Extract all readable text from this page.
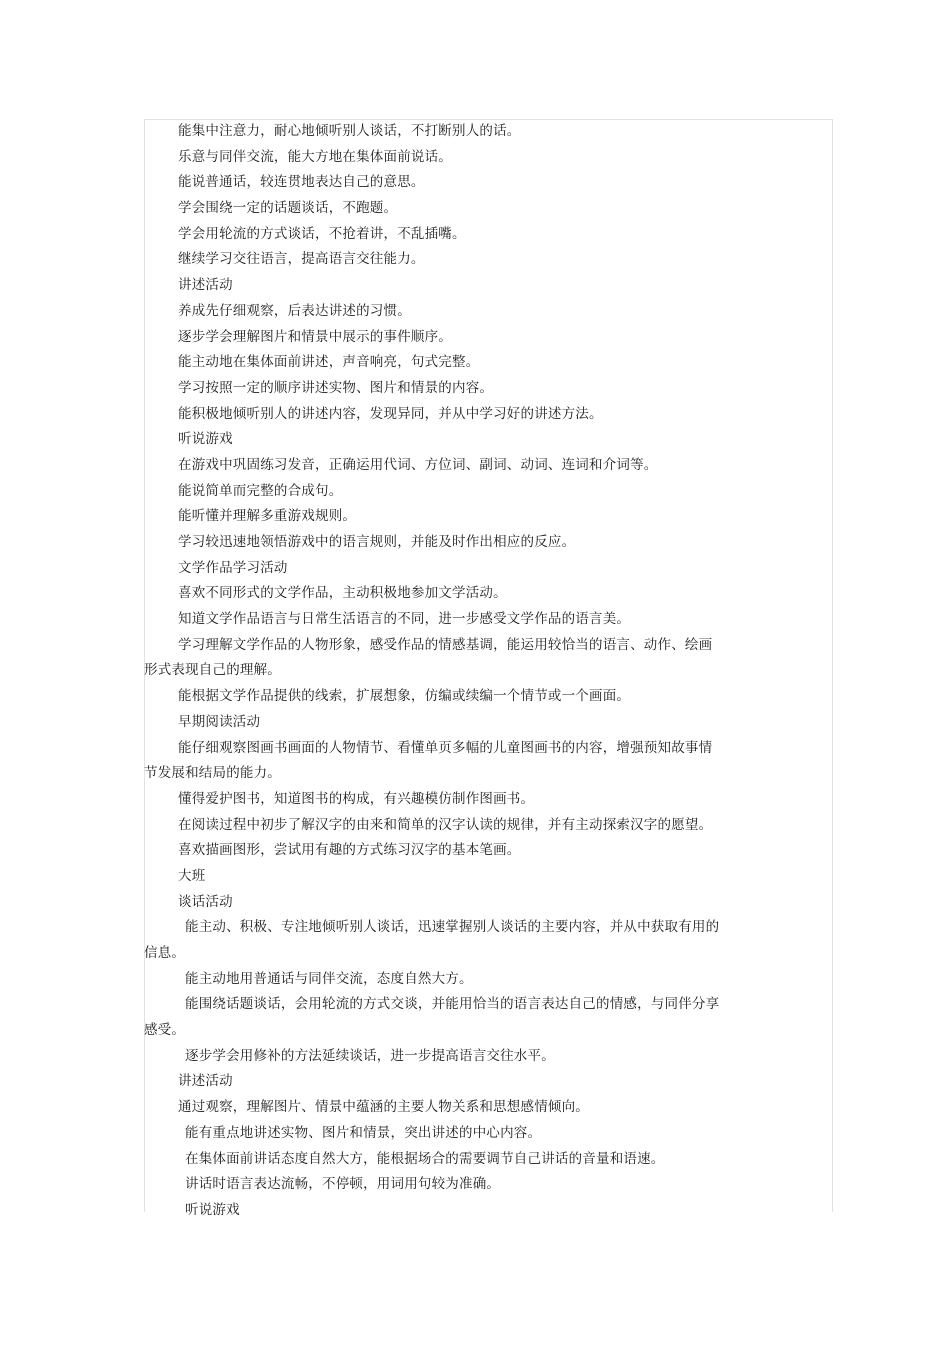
能集中注意力，耐心地倾听别人谈话，不打断别人的话。
乐意与同伴交流，能大方地在集体面前说话。
能说普通话，较连贯地表达自己的意思。
学会围绕一定的话题谈话，不跑题。
学会用轮流的方式谈话，不抢着讲，不乱插嘴。
继续学习交往语言，提高语言交往能力。
讲述活动
养成先仔细观察，后表达讲述的习惯。
逐步学会理解图片和情景中展示的事件顺序。
能主动地在集体面前讲述，声音响亮，句式完整。
学习按照一定的顺序讲述实物、图片和情景的内容。
能积极地倾听别人的讲述内容，发现异同，并从中学习好的讲述方法。
听说游戏
在游戏中巩固练习发音，正确运用代词、方位词、副词、动词、连词和介词等。
能说简单而完整的合成句。
能听懂并理解多重游戏规则。
学习较迅速地领悟游戏中的语言规则，并能及时作出相应的反应。
文学作品学习活动
喜欢不同形式的文学作品，主动积极地参加文学活动。
知道文学作品语言与日常生活语言的不同，进一步感受文学作品的语言美。
学习理解文学作品的人物形象，感受作品的情感基调，能运用较恰当的语言、动作、绘画
形式表现自己的理解。
能根据文学作品提供的线索，扩展想象，仿编或续编一个情节或一个画面。
早期阅读活动
能仔细观察图画书画面的人物情节、看懂单页多幅的儿童图画书的内容，增强预知故事情
节发展和结局的能力。
懂得爱护图书，知道图书的构成，有兴趣模仿制作图画书。
在阅读过程中初步了解汉字的由来和简单的汉字认读的规律，并有主动探索汉字的愿望。
喜欢描画图形，尝试用有趣的方式练习汉字的基本笔画。
大班
谈话活动
能主动、积极、专注地倾听别人谈话，迅速掌握别人谈话的主要内容，并从中获取有用的
信息。
能主动地用普通话与同伴交流，态度自然大方。
能围绕话题谈话，会用轮流的方式交谈，并能用恰当的语言表达自己的情感，与同伴分享
感受。
逐步学会用修补的方法延续谈话，进一步提高语言交往水平。
讲述活动
通过观察，理解图片、情景中蕴涵的主要人物关系和思想感情倾向。
能有重点地讲述实物、图片和情景，突出讲述的中心内容。
在集体面前讲话态度自然大方，能根据场合的需要调节自己讲话的音量和语速。
讲话时语言表达流畅，不停顿，用词用句较为准确。
听说游戏
